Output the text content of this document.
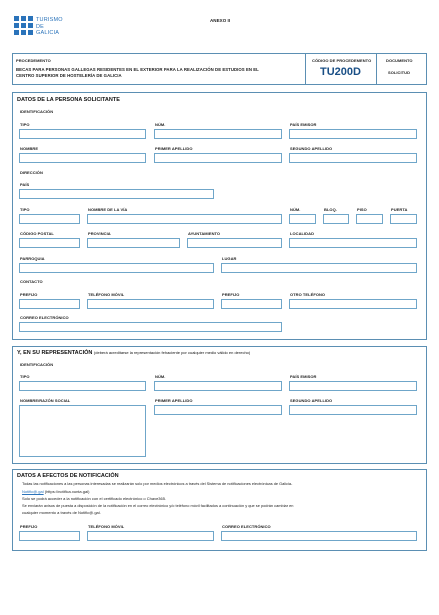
TURISMO
DE
GALICIA
ANEXO II
PROCEDEMENTO
BECAS PARA PERSONAS GALLEGAS RESIDENTES EN EL EXTERIOR PARA LA REALIZACIÓN DE ESTUDIOS EN EL
CENTRO SUPERIOR DE HOSTELERÍA DE GALICIA
CÓDIGO DE PROCEDEMENTO
TU200D
DOCUMENTO
SOLICITUD
DATOS DE LA PERSONA SOLICITANTE
IDENTIFICACIÓN
TIPO	NÚM.	PAÍS EMISOR
NOMBRE	PRIMER APELLIDO	SEGUNDO APELLIDO
DIRECCIÓN
PAÍS
TIPO	NOMBRE DE LA VÍA	NÚM.	BLOQ.	PISO	PUERTA
CÓDIGO POSTAL	PROVINCIA	AYUNTAMIENTO	LOCALIDAD
PARROQUIA	LUGAR
CONTACTO
PREFIJO	TELÉFONO MÓVIL	PREFIJO	OTRO TELÉFONO
CORREO ELECTRÓNICO
Y, EN SU REPRESENTACIÓN (deberá acreditarse la representación fehaciente por cualquier medio válido en derecho)
IDENTIFICACIÓN
TIPO	NÚM.	PAÍS EMISOR
NOMBRE/RAZÓN SOCIAL	PRIMER APELLIDO	SEGUNDO APELLIDO
DATOS A EFECTOS DE NOTIFICACIÓN
Todas las notificaciones a las personas interesadas se realizarán solo por medios electrónicos a través del Sistema de notificaciones electrónicas de Galicia-
Notific@.gal (https://notifica.xunta.gal)
Solo se podrá acceder a la notificación con el certificado electrónico o Chave365.
Se enviarán avisos de puesta a disposición de la notificación en el correo electrónico y/o teléfono móvil facilitados a continuación y que se podrán cambiar en
cualquier momento a través de Notific@.gal.
PREFIJO	TELÉFONO MÓVIL	CORREO ELECTRÓNICO
